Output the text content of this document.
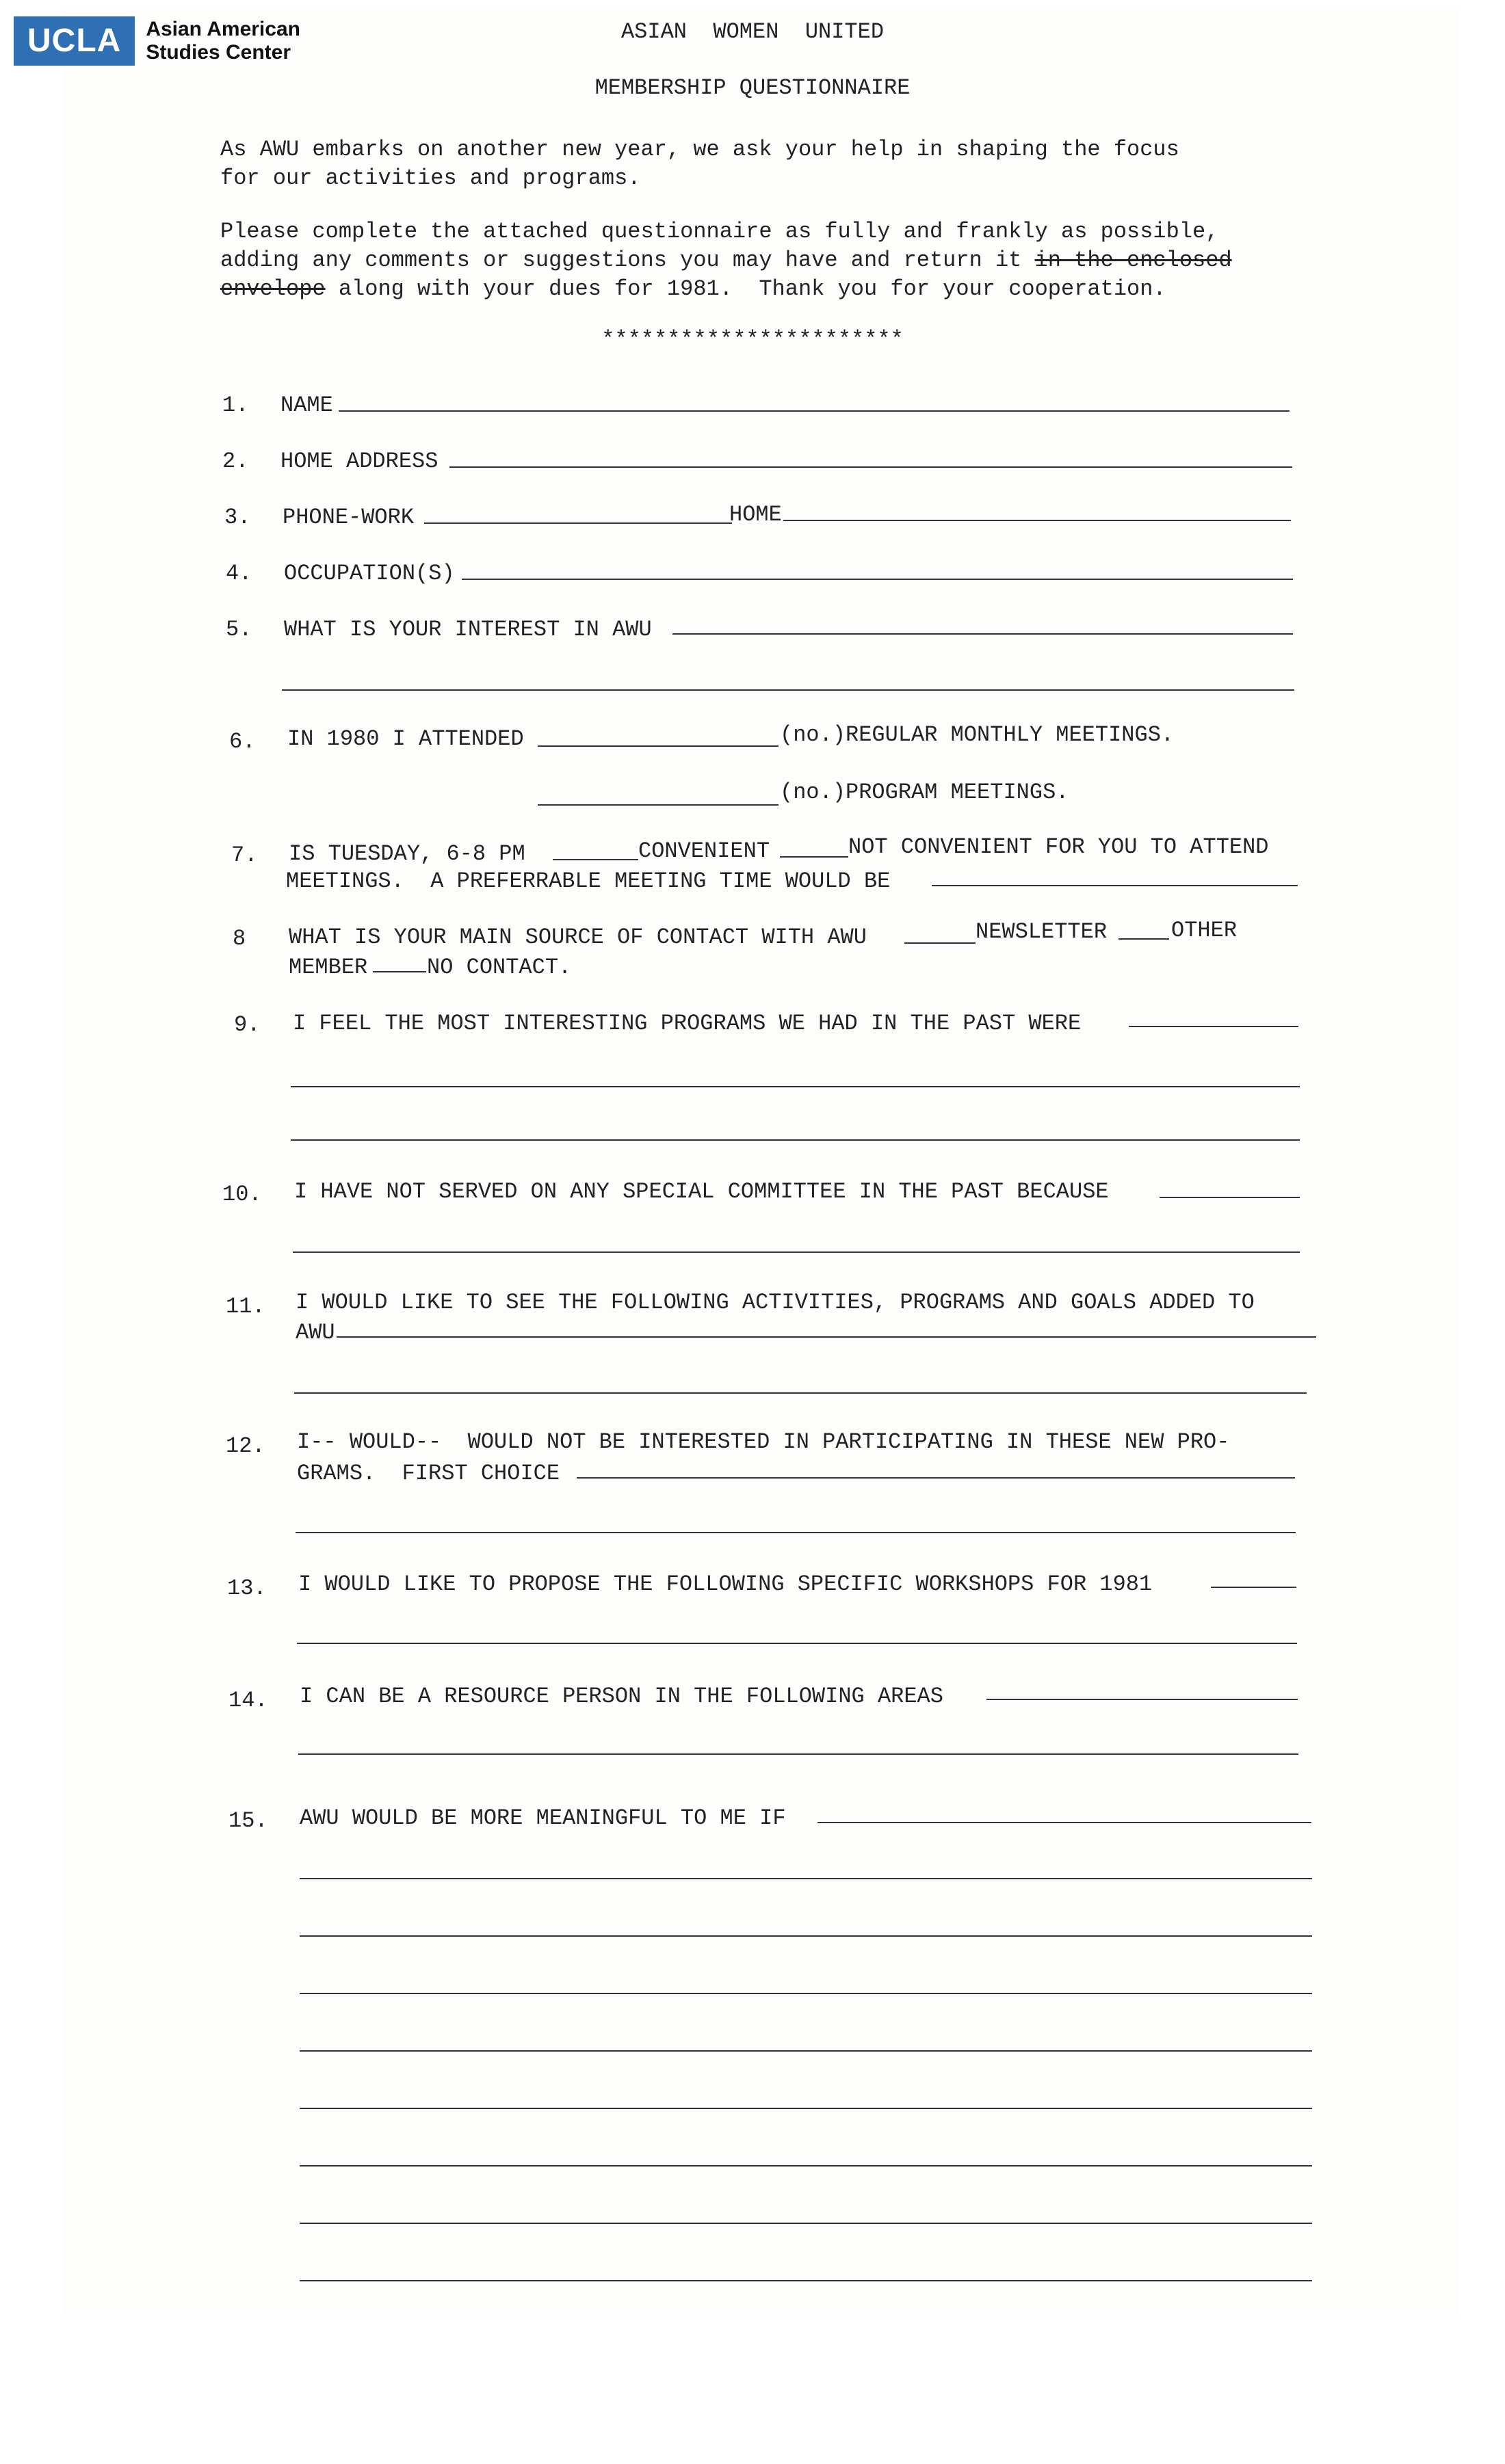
UCLA	Asian American
Studies Center
ASIAN  WOMEN  UNITED
MEMBERSHIP QUESTIONNAIRE
As AWU embarks on another new year, we ask your help in shaping the focus
for our activities and programs.
Please complete the attached questionnaire as fully and frankly as possible,
adding any comments or suggestions you may have and return it in the enclosed
envelope along with your dues for 1981.  Thank you for your cooperation.
***********************
1. NAME
2. HOME ADDRESS
3. PHONE-WORK	HOME
4. OCCUPATION(S)
5. WHAT IS YOUR INTEREST IN AWU
6. IN 1980 I ATTENDED	(no.)REGULAR MONTHLY MEETINGS.
(no.)PROGRAM MEETINGS.
7. IS TUESDAY, 6-8 PM	CONVENIENT	NOT CONVENIENT FOR YOU TO ATTEND
MEETINGS.  A PREFERRABLE MEETING TIME WOULD BE
8 WHAT IS YOUR MAIN SOURCE OF CONTACT WITH AWU	NEWSLETTER	OTHER
MEMBER	NO CONTACT.
9. I FEEL THE MOST INTERESTING PROGRAMS WE HAD IN THE PAST WERE
10. I HAVE NOT SERVED ON ANY SPECIAL COMMITTEE IN THE PAST BECAUSE
11. I WOULD LIKE TO SEE THE FOLLOWING ACTIVITIES, PROGRAMS AND GOALS ADDED TO
AWU
12. I-- WOULD--  WOULD NOT BE INTERESTED IN PARTICIPATING IN THESE NEW PRO-
GRAMS.  FIRST CHOICE
13. I WOULD LIKE TO PROPOSE THE FOLLOWING SPECIFIC WORKSHOPS FOR 1981
14. I CAN BE A RESOURCE PERSON IN THE FOLLOWING AREAS
15. AWU WOULD BE MORE MEANINGFUL TO ME IF
